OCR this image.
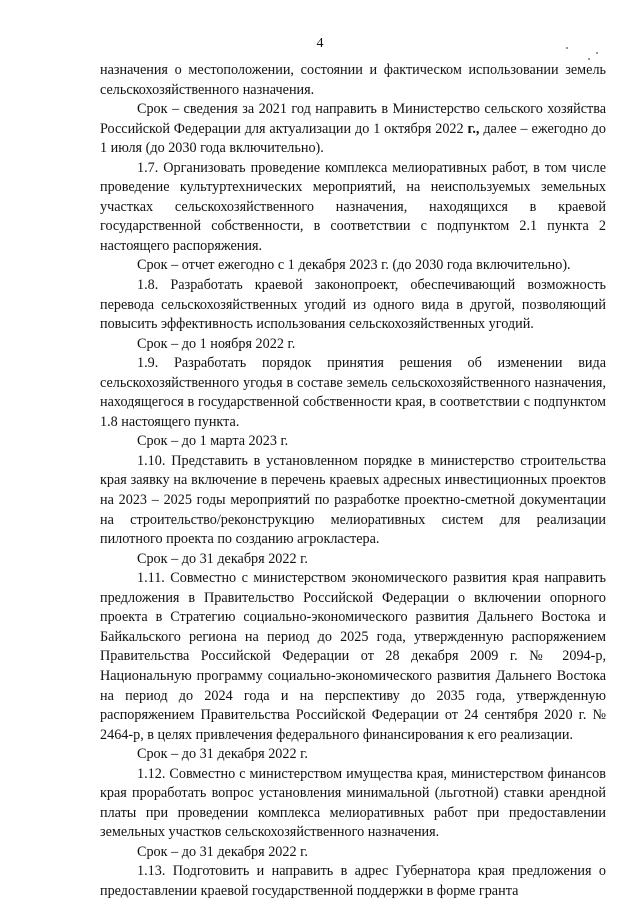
4

назначения о местоположении, состоянии и фактическом использовании земель сельскохозяйственного назначения.

Срок – сведения за 2021 год направить в Министерство сельского хозяйства Российской Федерации для актуализации до 1 октября 2022 г., далее – ежегодно до 1 июля (до 2030 года включительно).

1.7. Организовать проведение комплекса мелиоративных работ, в том числе проведение культуртехнических мероприятий, на неиспользуемых земельных участках сельскохозяйственного назначения, находящихся в краевой государственной собственности, в соответствии с подпунктом 2.1 пункта 2 настоящего распоряжения.

Срок – отчет ежегодно с 1 декабря 2023 г. (до 2030 года включительно).

1.8. Разработать краевой законопроект, обеспечивающий возможность перевода сельскохозяйственных угодий из одного вида в другой, позволяющий повысить эффективность использования сельскохозяйственных угодий.

Срок – до 1 ноября 2022 г.

1.9. Разработать порядок принятия решения об изменении вида сельскохозяйственного угодья в составе земель сельскохозяйственного назначения, находящегося в государственной собственности края, в соответствии с подпунктом 1.8 настоящего пункта.

Срок – до 1 марта 2023 г.

1.10. Представить в установленном порядке в министерство строительства края заявку на включение в перечень краевых адресных инвестиционных проектов на 2023 – 2025 годы мероприятий по разработке проектно-сметной документации на строительство/реконструкцию мелиоративных систем для реализации пилотного проекта по созданию агрокластера.

Срок – до 31 декабря 2022 г.

1.11. Совместно с министерством экономического развития края направить предложения в Правительство Российской Федерации о включении опорного проекта в Стратегию социально-экономического развития Дальнего Востока и Байкальского региона на период до 2025 года, утвержденную распоряжением Правительства Российской Федерации от 28 декабря 2009 г. № 2094-р, Национальную программу социально-экономического развития Дальнего Востока на период до 2024 года и на перспективу до 2035 года, утвержденную распоряжением Правительства Российской Федерации от 24 сентября 2020 г. № 2464-р, в целях привлечения федерального финансирования к его реализации.

Срок – до 31 декабря 2022 г.

1.12. Совместно с министерством имущества края, министерством финансов края проработать вопрос установления минимальной (льготной) ставки арендной платы при проведении комплекса мелиоративных работ при предоставлении земельных участков сельскохозяйственного назначения.

Срок – до 31 декабря 2022 г.

1.13. Подготовить и направить в адрес Губернатора края предложения о предоставлении краевой государственной поддержки в форме гранта
